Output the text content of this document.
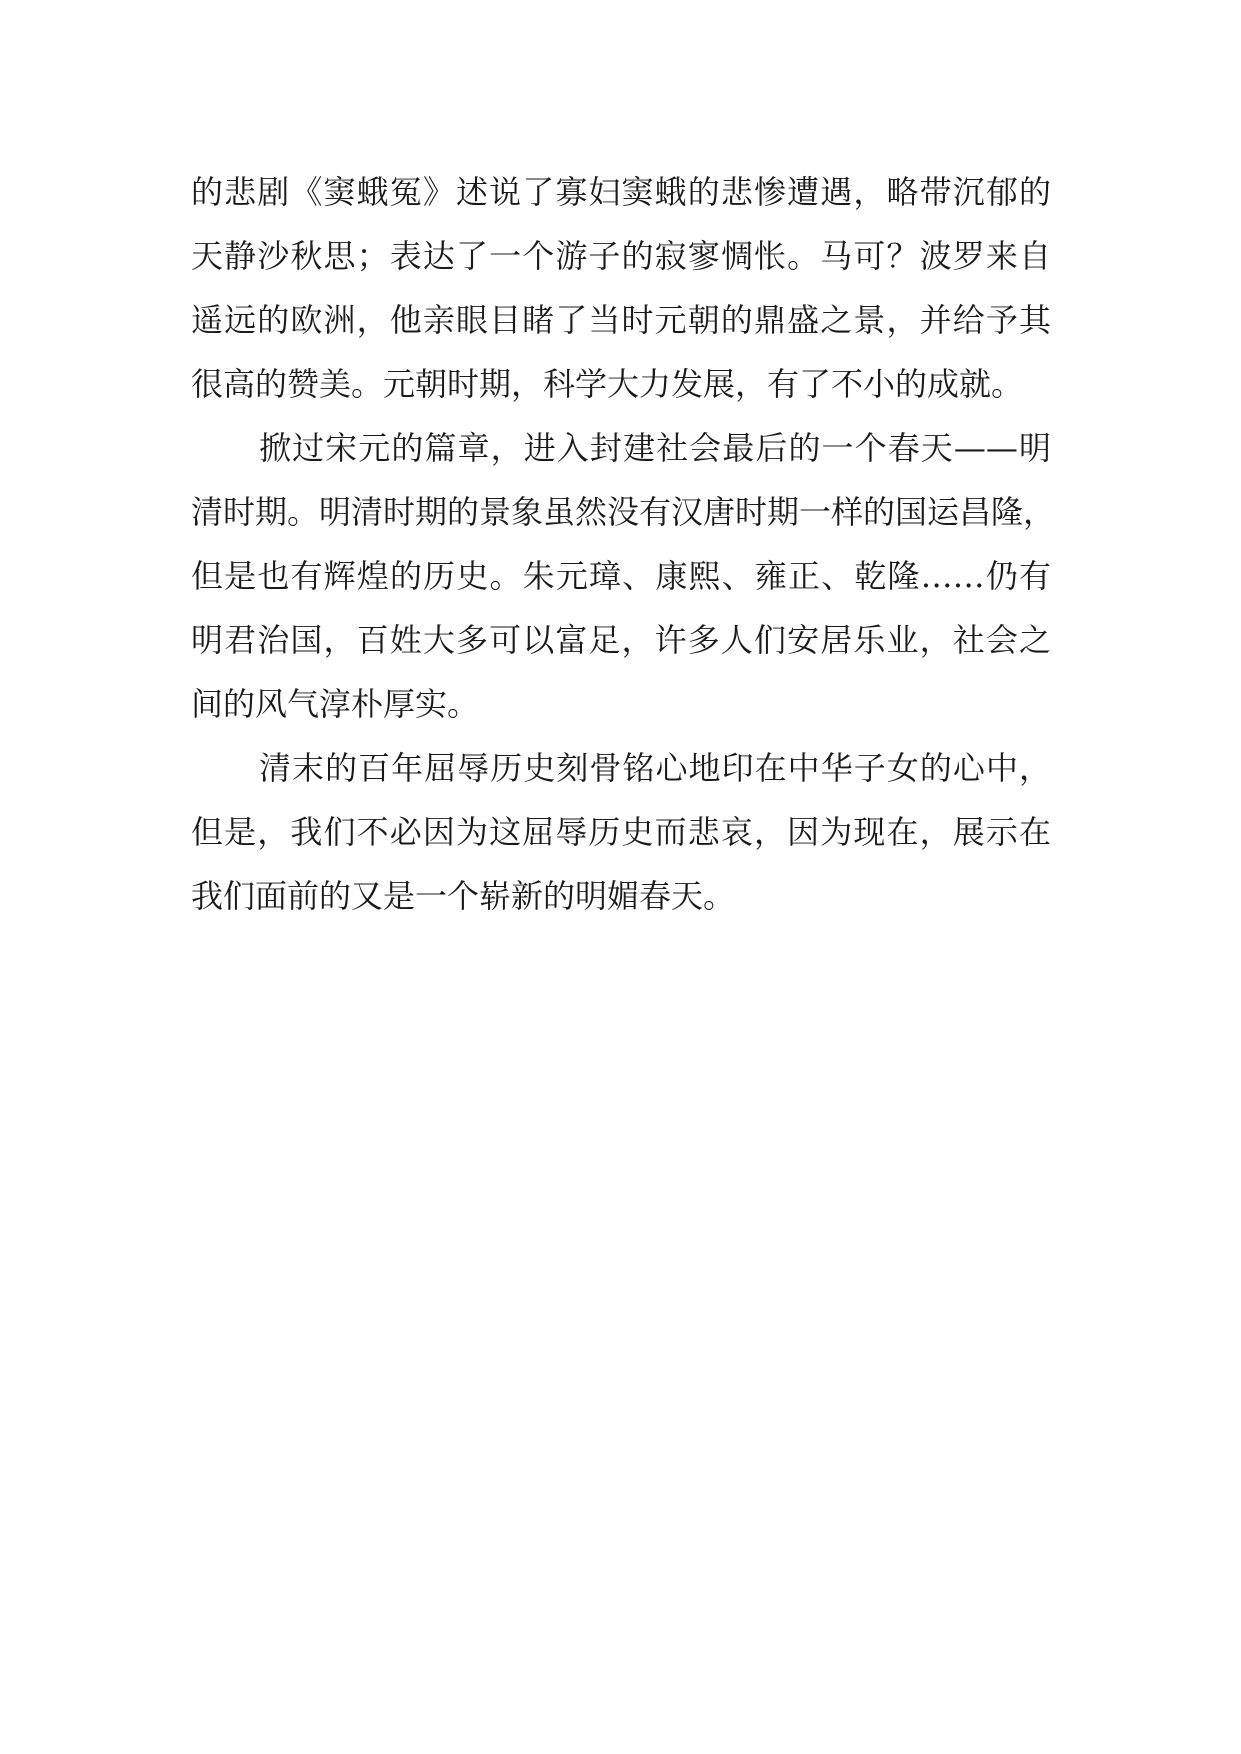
的悲剧《窦蛾冤》述说了寡妇窦蛾的悲惨遭遇，略带沉郁的
天静沙秋思；表达了一个游子的寂寥惆怅。马可？波罗来自
遥远的欧洲，他亲眼目睹了当时元朝的鼎盛之景，并给予其
很高的赞美。元朝时期，科学大力发展，有了不小的成就。
掀过宋元的篇章，进入封建社会最后的一个春天——明
清时期。明清时期的景象虽然没有汉唐时期一样的国运昌隆，
但是也有辉煌的历史。朱元璋、康熙、雍正、乾隆……仍有
明君治国，百姓大多可以富足，许多人们安居乐业，社会之
间的风气淳朴厚实。
清末的百年屈辱历史刻骨铭心地印在中华子女的心中，
但是，我们不必因为这屈辱历史而悲哀，因为现在，展示在
我们面前的又是一个崭新的明媚春天。
